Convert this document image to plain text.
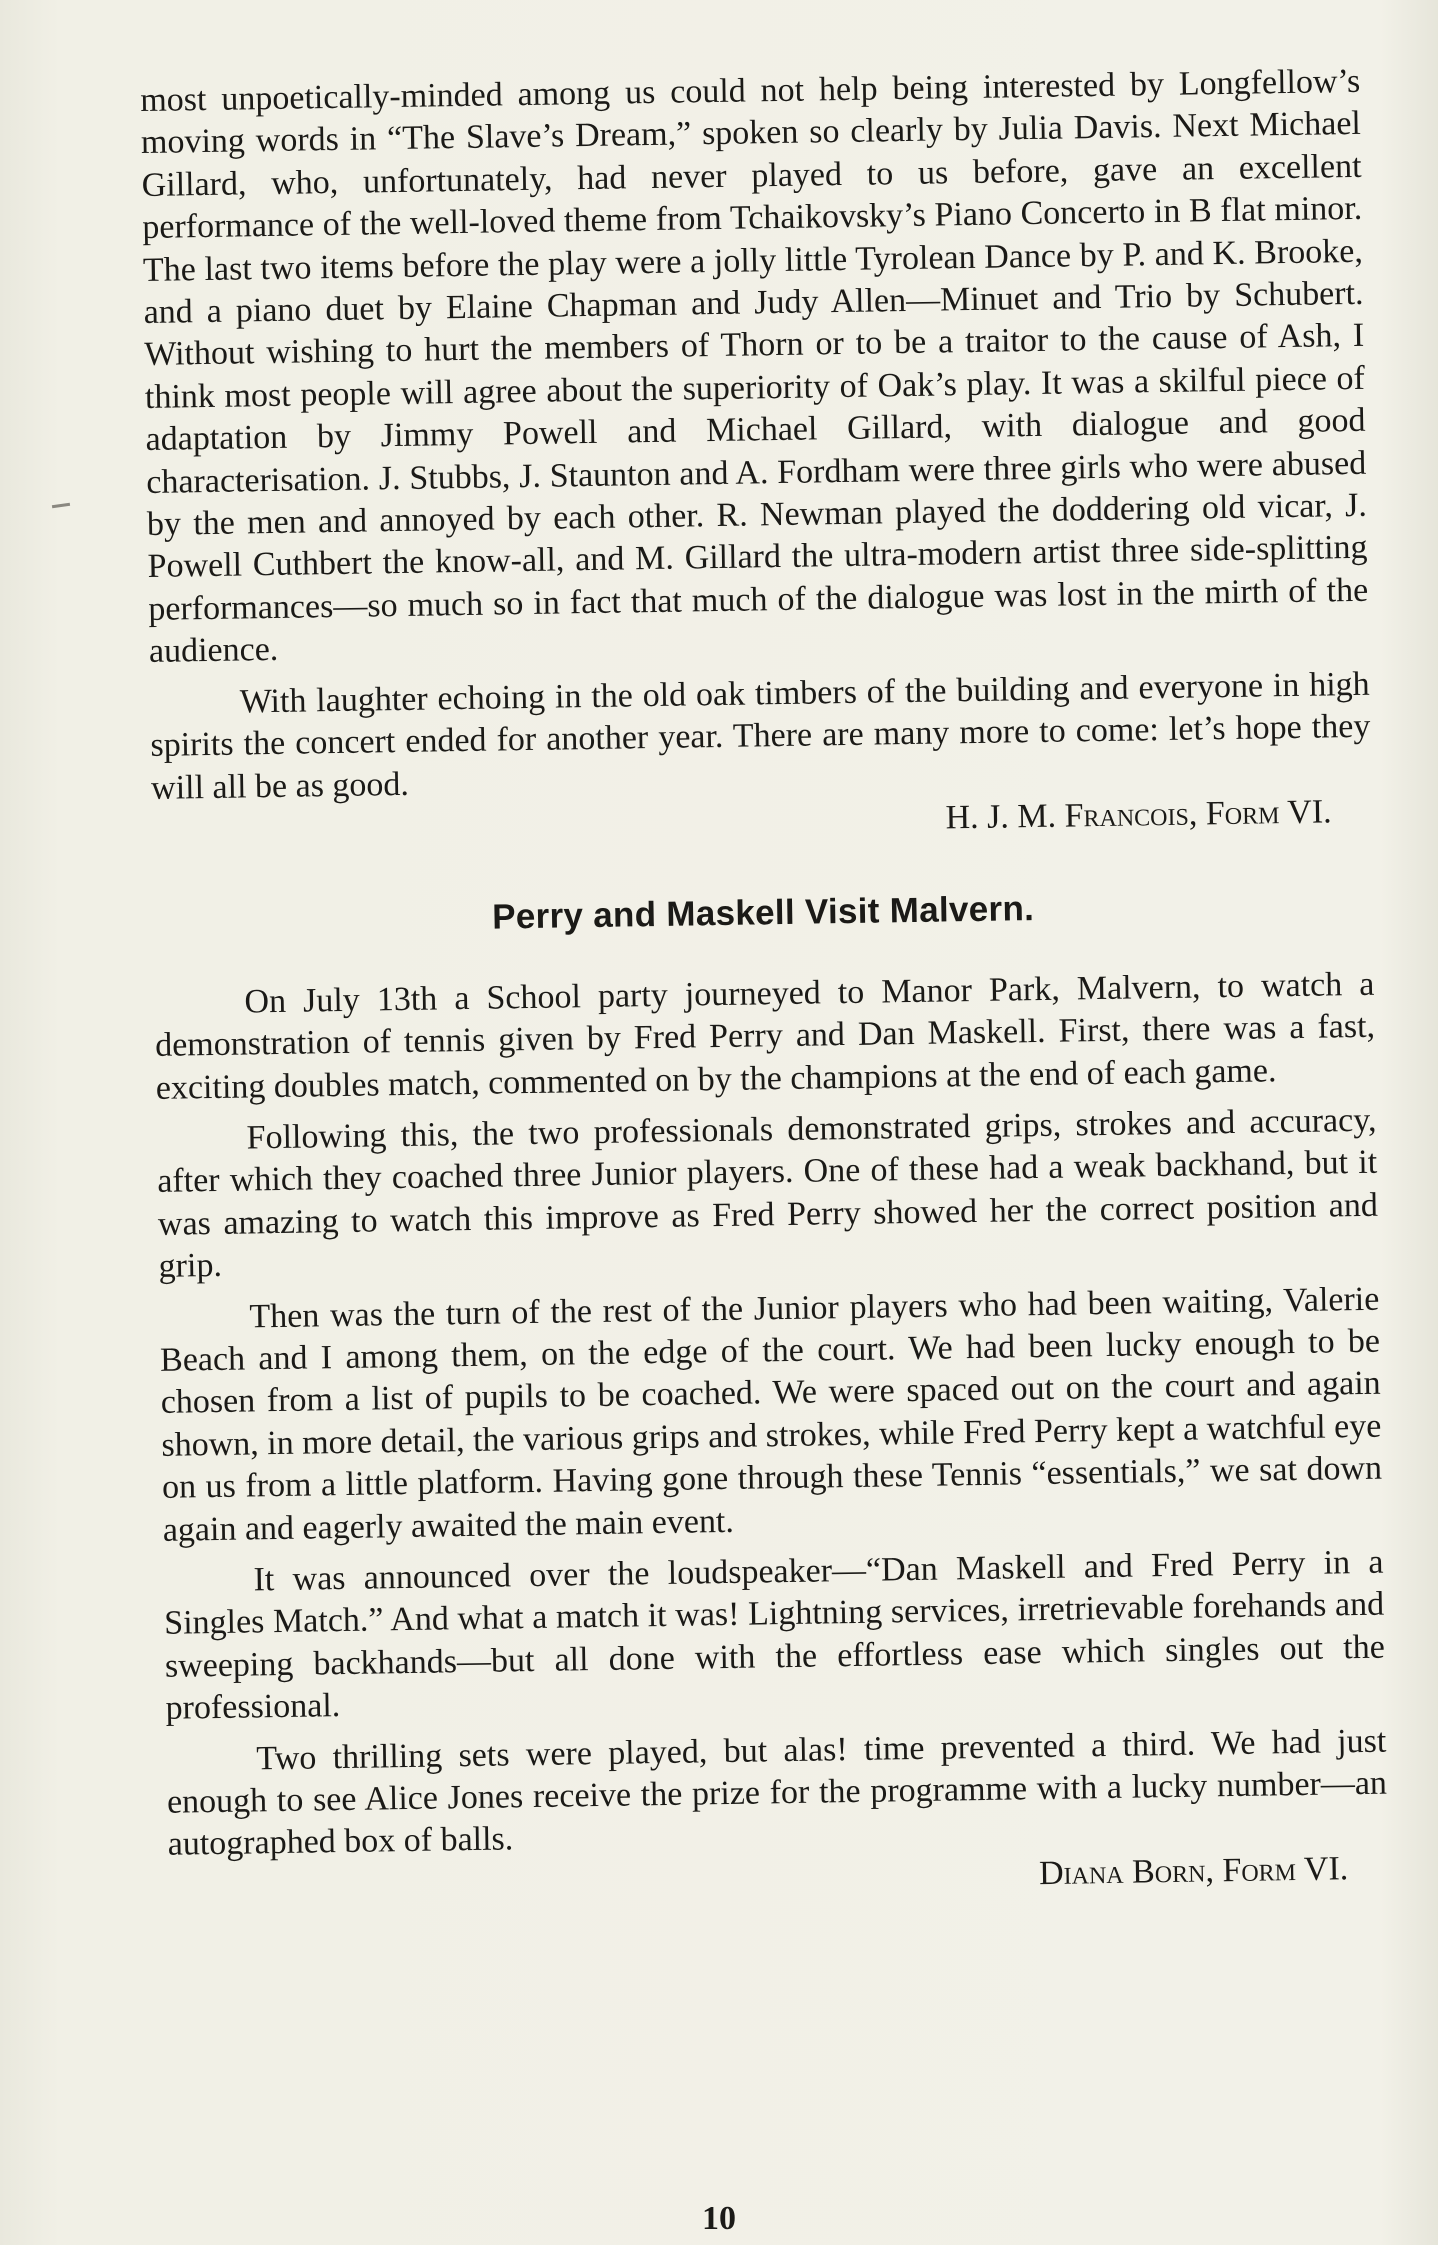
most unpoetically-minded among us could not help being interested by Longfellow’s moving words in “The Slave’s Dream,” spoken so clearly by Julia Davis. Next Michael Gillard, who, unfortunately, had never played to us before, gave an excellent performance of the well-loved theme from Tchaikovsky’s Piano Concerto in B flat minor. The last two items before the play were a jolly little Tyrolean Dance by P. and K. Brooke, and a piano duet by Elaine Chapman and Judy Allen—Minuet and Trio by Schubert. Without wishing to hurt the members of Thorn or to be a traitor to the cause of Ash, I think most people will agree about the superiority of Oak’s play. It was a skilful piece of adaptation by Jimmy Powell and Michael Gillard, with dialogue and good characterisation. J. Stubbs, J. Staunton and A. Fordham were three girls who were abused by the men and annoyed by each other. R. Newman played the doddering old vicar, J. Powell Cuthbert the know-all, and M. Gillard the ultra-modern artist three side-splitting performances—so much so in fact that much of the dialogue was lost in the mirth of the audience.

With laughter echoing in the old oak timbers of the building and everyone in high spirits the concert ended for another year. There are many more to come: let’s hope they will all be as good.

H. J. M. Francois, Form VI.

Perry and Maskell Visit Malvern.

On July 13th a School party journeyed to Manor Park, Malvern, to watch a demonstration of tennis given by Fred Perry and Dan Maskell. First, there was a fast, exciting doubles match, commented on by the champions at the end of each game.

Following this, the two professionals demonstrated grips, strokes and accuracy, after which they coached three Junior players. One of these had a weak backhand, but it was amazing to watch this improve as Fred Perry showed her the correct position and grip.

Then was the turn of the rest of the Junior players who had been waiting, Valerie Beach and I among them, on the edge of the court. We had been lucky enough to be chosen from a list of pupils to be coached. We were spaced out on the court and again shown, in more detail, the various grips and strokes, while Fred Perry kept a watchful eye on us from a little platform. Having gone through these Tennis “essentials,” we sat down again and eagerly awaited the main event.

It was announced over the loudspeaker—“Dan Maskell and Fred Perry in a Singles Match.” And what a match it was! Lightning services, irretrievable forehands and sweeping backhands—but all done with the effortless ease which singles out the professional.

Two thrilling sets were played, but alas! time prevented a third. We had just enough to see Alice Jones receive the prize for the programme with a lucky number—an autographed box of balls.

Diana Born, Form VI.

10
